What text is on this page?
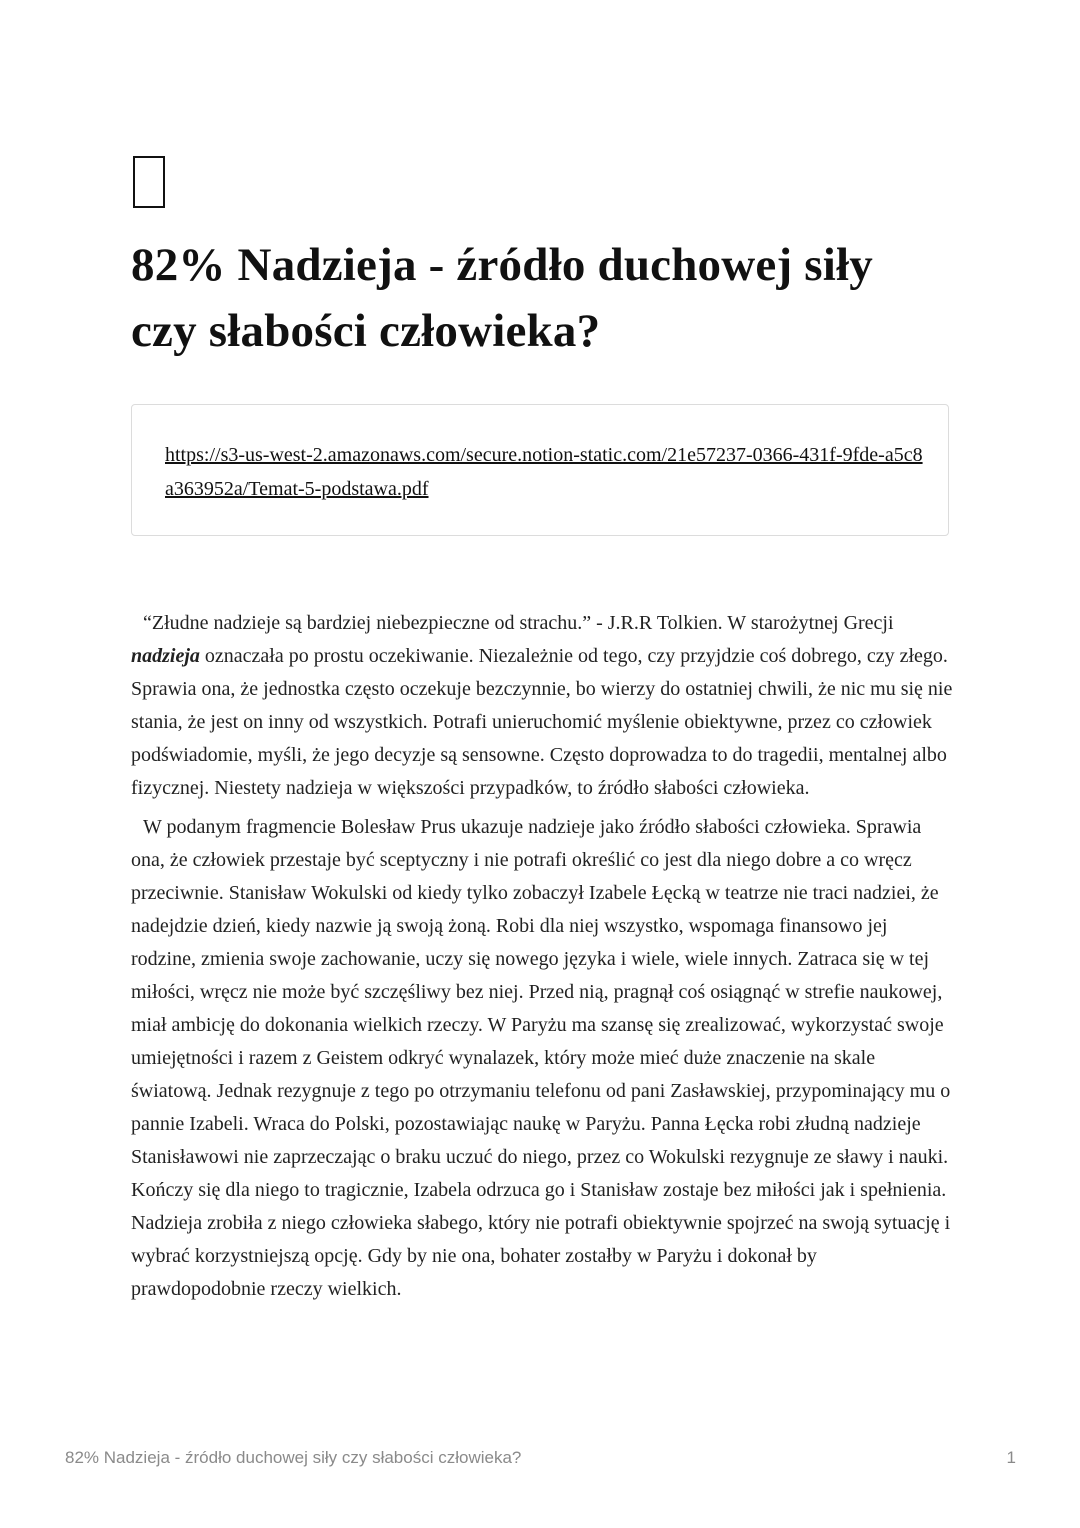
82% Nadzieja - źródło duchowej siły czy słabości człowieka?
https://s3-us-west-2.amazonaws.com/secure.notion-static.com/21e57237-0366-431f-9fde-a5c8a363952a/Temat-5-podstawa.pdf

“Złudne nadzieje są bardziej niebezpieczne od strachu.” - J.R.R Tolkien. W starożytnej Grecji nadzieja oznaczała po prostu oczekiwanie. Niezależnie od tego, czy przyjdzie coś dobrego, czy złego. Sprawia ona, że jednostka często oczekuje bezczynnie, bo wierzy do ostatniej chwili, że nic mu się nie stania, że jest on inny od wszystkich. Potrafi unieruchomić myślenie obiektywne, przez co człowiek podświadomie, myśli, że jego decyzje są sensowne. Często doprowadza to do tragedii, mentalnej albo fizycznej. Niestety nadzieja w większości przypadków, to źródło słabości człowieka.

W podanym fragmencie Bolesław Prus ukazuje nadzieje jako źródło słabości człowieka. Sprawia ona, że człowiek przestaje być sceptyczny i nie potrafi określić co jest dla niego dobre a co wręcz przeciwnie. Stanisław Wokulski od kiedy tylko zobaczył Izabele Łęcką w teatrze nie traci nadziei, że nadejdzie dzień, kiedy nazwie ją swoją żoną. Robi dla niej wszystko, wspomaga finansowo jej rodzine, zmienia swoje zachowanie, uczy się nowego języka i wiele, wiele innych. Zatraca się w tej miłości, wręcz nie może być szczęśliwy bez niej. Przed nią, pragnął coś osiągnąć w strefie naukowej, miał ambicję do dokonania wielkich rzeczy. W Paryżu ma szansę się zrealizować, wykorzystać swoje umiejętności i razem z Geistem odkryć wynalazek, który może mieć duże znaczenie na skale światową. Jednak rezygnuje z tego po otrzymaniu telefonu od pani Zasławskiej, przypominający mu o pannie Izabeli. Wraca do Polski, pozostawiając naukę w Paryżu. Panna Łęcka robi złudną nadzieje Stanisławowi nie zaprzeczając o braku uczuć do niego, przez co Wokulski rezygnuje ze sławy i nauki. Kończy się dla niego to tragicznie, Izabela odrzuca go i Stanisław zostaje bez miłości jak i spełnienia. Nadzieja zrobiła z niego człowieka słabego, który nie potrafi obiektywnie spojrzeć na swoją sytuację i wybrać korzystniejszą opcję. Gdy by nie ona, bohater zostałby w Paryżu i dokonał by prawdopodobnie rzeczy wielkich.

82% Nadzieja - źródło duchowej siły czy słabości człowieka?	1
